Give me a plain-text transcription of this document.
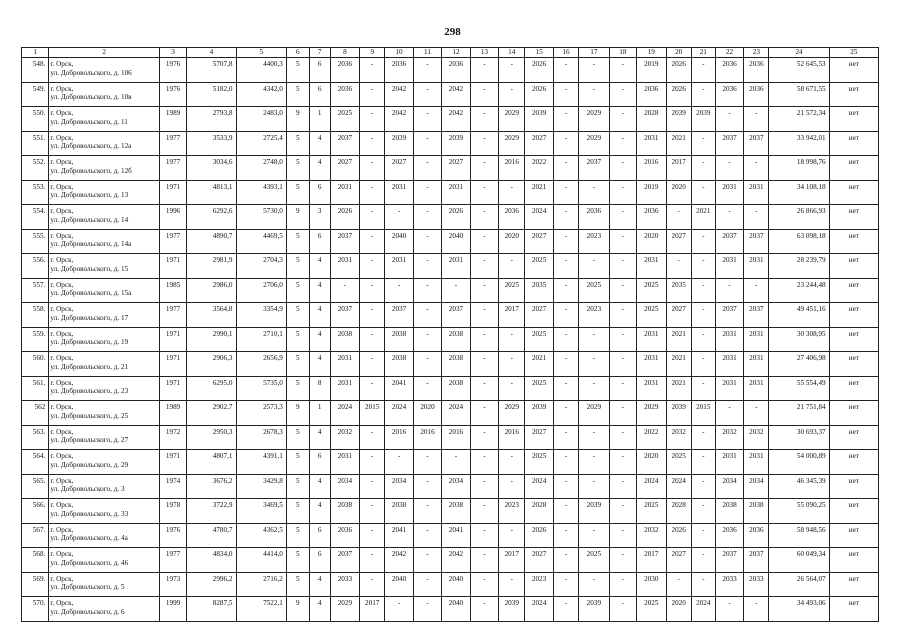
298
1	2	3	4	5	6	7	8	9	10	11	12	13	14	15	16	17	18	19	20	21	22	23	24	25
548.	г. Орск,
ул. Добровольского, д. 106	1976	5707,8	4400,3	5	6	2036	-	2036	-	2036	-	-	2026	-	-	-	2019	2026	-	2036	2036	52 645,53	нет
549.	г. Орск,
ул. Добровольского, д. 10в	1976	5182,0	4342,0	5	6	2036	-	2042	-	2042	-	-	2026	-	-	-	2036	2026	-	2036	2036	58 671,55	нет
550.	г. Орск,
ул. Добровольского, д. 11	1989	2793,8	2483,0	9	1	2025	-	2042	-	2042	-	2029	2039	-	2029	-	2028	2039	2039	-	-	21 572,34	нет
551.	г. Орск,
ул. Добровольского, д. 12а	1977	3533,9	2725,4	5	4	2037	-	2039	-	2039	-	2029	2027	-	2029	-	2031	2021	-	2037	2037	33 942,01	нет
552.	г. Орск,
ул. Добровольского, д. 12б	1977	3034,6	2748,0	5	4	2027	-	2027	-	2027	-	2016	2022	-	2037	-	2016	2017	-	-	-	18 998,76	нет
553.	г. Орск,
ул. Добровольского, д. 13	1971	4813,1	4393,1	5	6	2031	-	2031	-	2031	-	-	2021	-	-	-	2019	2020	-	2031	2031	34 108,18	нет
554.	г. Орск,
ул. Добровольского, д. 14	1996	6292,6	5730,0	9	3	2026	-	-	-	2026	-	2036	2024	-	2036	-	2036	-	2021	-	-	26 866,93	нет
555.	г. Орск,
ул. Добровольского, д. 14а	1977	4890,7	4469,5	5	6	2037	-	2040	-	2040	-	2020	2027	-	2023	-	2020	2027	-	2037	2037	63 098,18	нет
556.	г. Орск,
ул. Добровольского, д. 15	1971	2981,9	2704,3	5	4	2031	-	2031	-	2031	-	-	2025	-	-	-	2031	-	-	2031	2031	28 239,79	нет
557.	г. Орск,
ул. Добровольского, д. 15а	1985	2986,0	2706,0	5	4	-	-	-	-	-	-	2025	2035	-	2025	-	2025	2035	-	-	-	23 244,48	нет
558.	г. Орск,
ул. Добровольского, д. 17	1977	3564,8	3354,9	5	4	2037	-	2037	-	2037	-	2017	2027	-	2023	-	2025	2027	-	2037	2037	49 451,16	нет
559.	г. Орск,
ул. Добровольского, д. 19	1971	2990,1	2710,1	5	4	2038	-	2038	-	2038	-	-	2025	-	-	-	2031	2021	-	2031	2031	30 308,95	нет
560.	г. Орск,
ул. Добровольского, д. 21	1971	2906,3	2656,9	5	4	2031	-	2038	-	2038	-	-	2021	-	-	-	2031	2021	-	2031	2031	27 406,98	нет
561.	г. Орск,
ул. Добровольского, д. 23	1971	6295,0	5735,0	5	8	2031	-	2041	-	2038	-	-	2025	-	-	-	2031	2021	-	2031	2031	55 554,49	нет
562	г. Орск,
ул. Добровольского, д. 25	1989	2902,7	2573,3	9	1	2024	2015	2024	2020	2024	-	2029	2039	-	2029	-	2029	2039	2015	-	-	21 751,84	нет
563.	г. Орск,
ул. Добровольского, д. 27	1972	2950,3	2678,3	5	4	2032	-	2016	2016	2016	-	2016	2027	-	-	-	2022	2032	-	2032	2032	30 693,37	нет
564.	г. Орск,
ул. Добровольского, д. 29	1971	4807,1	4391,1	5	6	2031	-	-	-	-	-	-	2025	-	-	-	2020	2025	-	2031	2031	54 000,89	нет
565.	г. Орск,
ул. Добровольского, д. 3	1974	3676,2	3429,8	5	4	2034	-	2034	-	2034	-	-	2024	-	-	-	2024	2024	-	2034	2034	46 345,39	нет
566.	г. Орск,
ул. Добровольского, д. 33	1978	3722,9	3469,5	5	4	2038	-	2038	-	2038	-	2023	2028	-	2039	-	2025	2028	-	2038	2038	55 090,25	нет
567.	г. Орск,
ул. Добровольского, д. 4а	1976	4780,7	4362,5	5	6	2036	-	2041	-	2041	-	-	2026	-	-	-	2032	2026	-	2036	2036	58 948,56	нет
568.	г. Орск,
ул. Добровольского, д. 46	1977	4834,0	4414,0	5	6	2037	-	2042	-	2042	-	2017	2027	-	2025	-	2017	2027	-	2037	2037	60 049,34	нет
569.	г. Орск,
ул. Добровольского, д. 5	1973	2996,2	2716,2	5	4	2033	-	2040	-	2040	-	-	2023	-	-	-	2030	-	-	2033	2033	26 564,07	нет
570.	г. Орск,
ул. Добровольского, д. 6	1999	8287,5	7522,1	9	4	2029	2017	-	-	2040	-	2039	2024	-	2039	-	2025	2020	2024	-	-	34 493,06	нет
